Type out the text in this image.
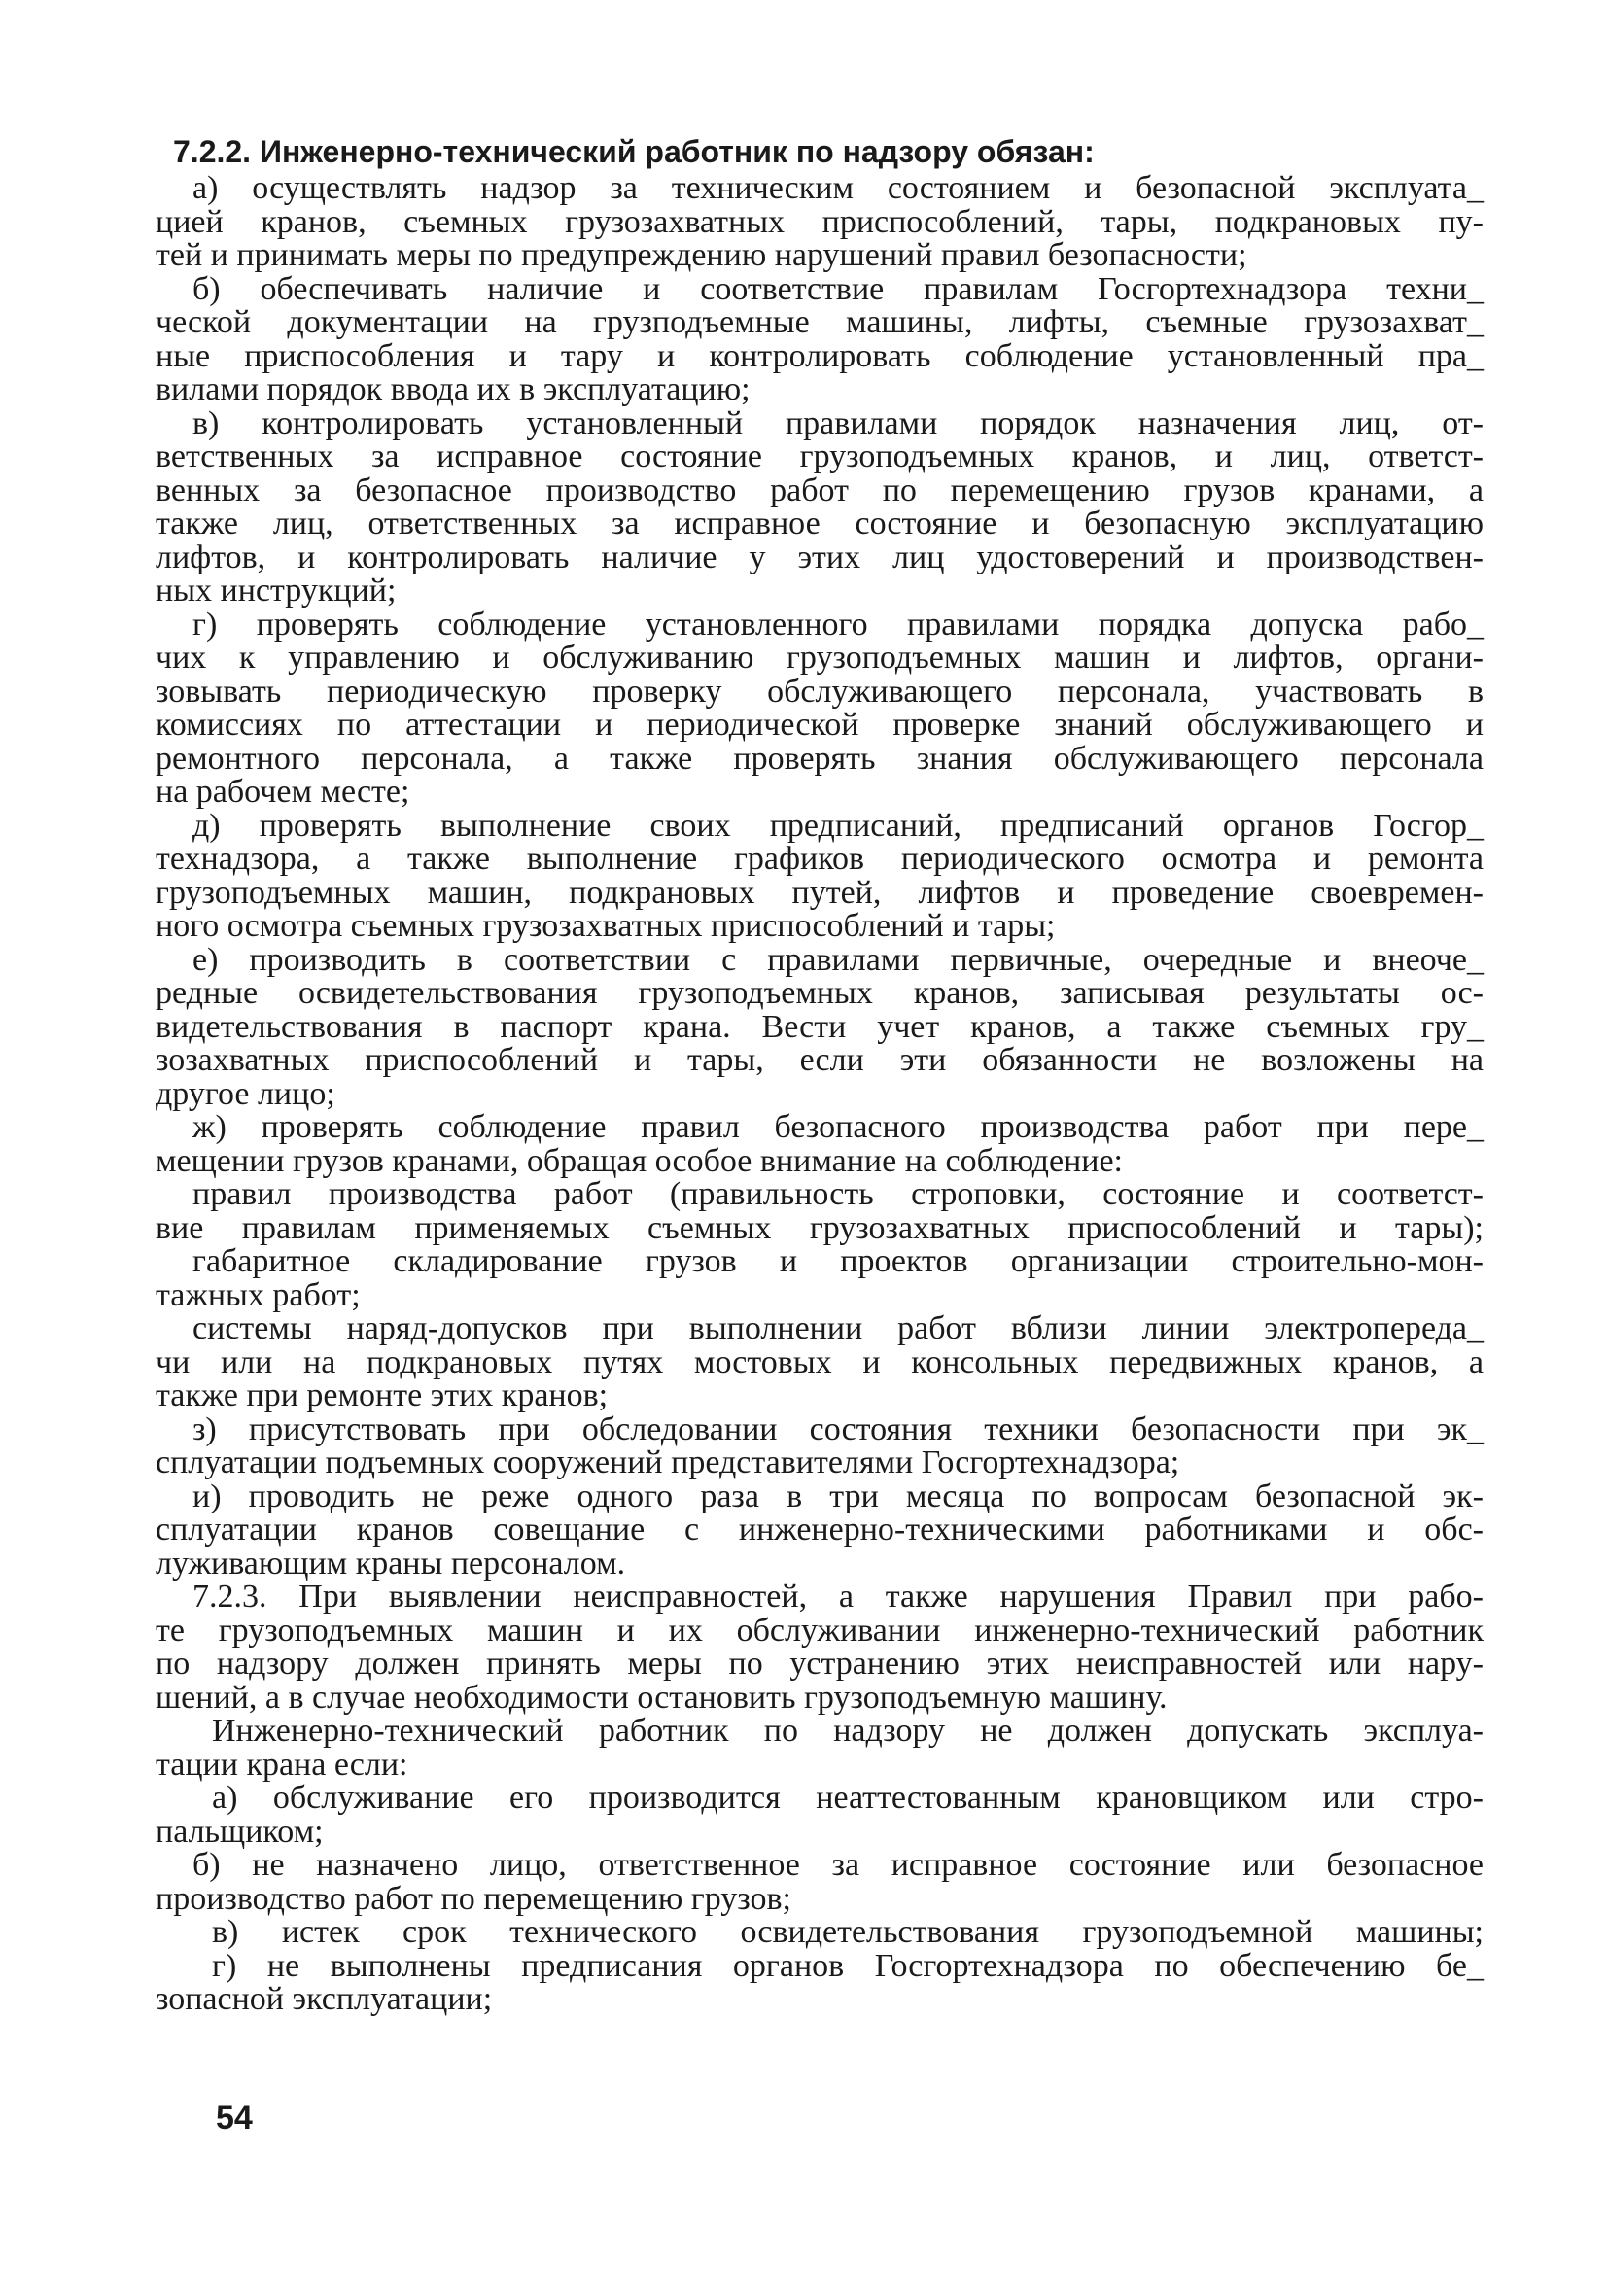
7.2.2. Инженерно-технический работник по надзору обязан:
а) осуществлять надзор за техническим состоянием и безопасной эксплуата_
цией кранов, съемных грузозахватных приспособлений, тары, подкрановых пу-
тей и принимать меры по предупреждению нарушений правил безопасности;
б) обеспечивать наличие и соответствие правилам Госгортехнадзора техни_
ческой документации на грузподъемные машины, лифты, съемные грузозахват_
ные приспособления и тару и контролировать соблюдение установленный пра_
вилами порядок ввода их в эксплуатацию;
в) контролировать установленный правилами порядок назначения лиц, от-
ветственных за исправное состояние грузоподъемных кранов, и лиц, ответст-
венных за безопасное производство работ по перемещению грузов кранами, а
также лиц, ответственных за исправное состояние и безопасную эксплуатацию
лифтов, и контролировать наличие у этих лиц удостоверений и производствен-
ных инструкций;
г) проверять соблюдение установленного правилами порядка допуска рабо_
чих к управлению и обслуживанию грузоподъемных машин и лифтов, органи-
зовывать периодическую проверку обслуживающего персонала, участвовать в
комиссиях по аттестации и периодической проверке знаний обслуживающего и
ремонтного персонала, а также проверять знания обслуживающего персонала
на рабочем месте;
д) проверять выполнение своих предписаний, предписаний органов Госгор_
технадзора, а также выполнение графиков периодического осмотра и ремонта
грузоподъемных машин, подкрановых путей, лифтов и проведение своевремен-
ного осмотра съемных грузозахватных приспособлений и тары;
е) производить в соответствии с правилами первичные, очередные и внеоче_
редные освидетельствования грузоподъемных кранов, записывая результаты ос-
видетельствования в паспорт крана. Вести учет кранов, а также съемных гру_
зозахватных приспособлений и тары, если эти обязанности не возложены на
другое лицо;
ж) проверять соблюдение правил безопасного производства работ при пере_
мещении грузов кранами, обращая особое внимание на соблюдение:
правил производства работ (правильность строповки, состояние и соответст-
вие правилам применяемых съемных грузозахватных приспособлений и тары);
габаритное складирование грузов и проектов организации строительно-мон-
тажных работ;
системы наряд-допусков при выполнении работ вблизи линии электропереда_
чи или на подкрановых путях мостовых и консольных передвижных кранов, а
также при ремонте этих кранов;
з) присутствовать при обследовании состояния техники безопасности при эк_
сплуатации подъемных сооружений представителями Госгортехнадзора;
и) проводить не реже одного раза в три месяца по вопросам безопасной эк-
сплуатации кранов совещание с инженерно-техническими работниками и обс-
луживающим краны персоналом.
7.2.3. При выявлении неисправностей, а также нарушения Правил при рабо-
те грузоподъемных машин и их обслуживании инженерно-технический работник
по надзору должен принять меры по устранению этих неисправностей или нару-
шений, а в случае необходимости остановить грузоподъемную машину.
Инженерно-технический работник по надзору не должен допускать эксплуа-
тации крана если:
а) обслуживание его производится неаттестованным крановщиком или стро-
пальщиком;
б) не назначено лицо, ответственное за исправное состояние или безопасное
производство работ по перемещению грузов;
в) истек срок технического освидетельствования грузоподъемной машины;
г) не выполнены предписания органов Госгортехнадзора по обеспечению бе_
зопасной эксплуатации;
54
